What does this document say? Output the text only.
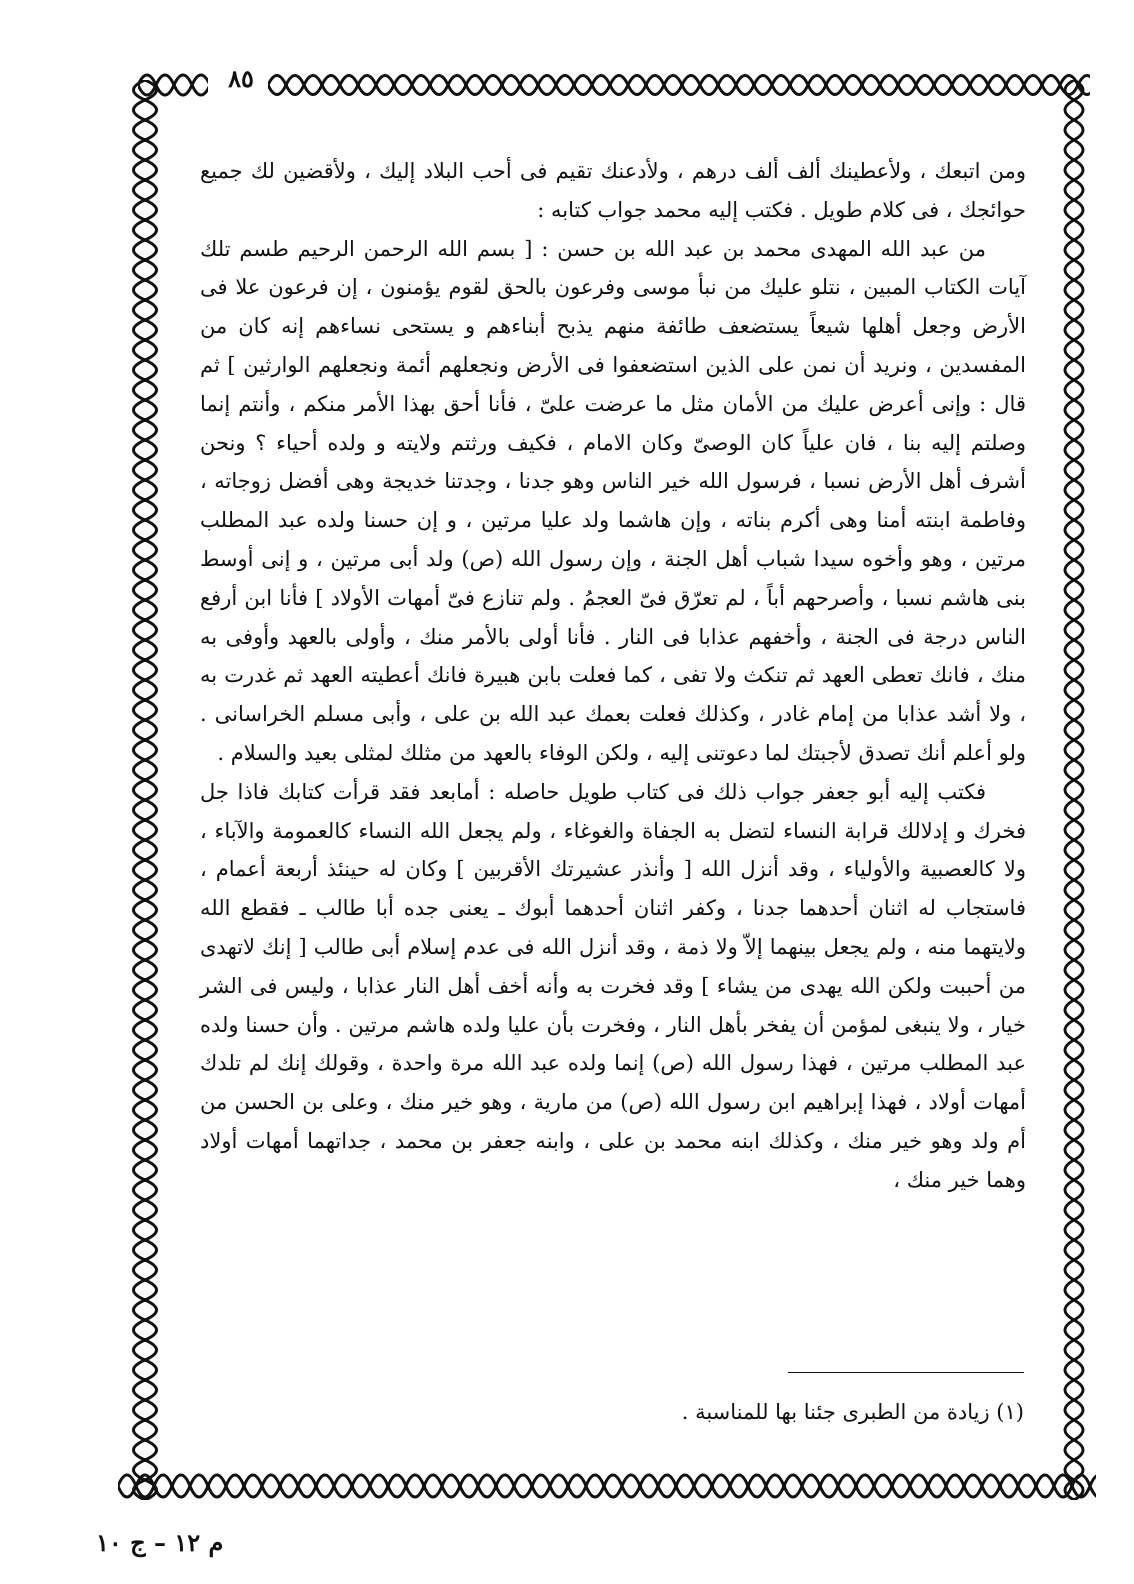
٨٥

ومن اتبعك ، ولأعطينك ألف ألف درهم ، ولأدعنك تقيم فى أحب البلاد إليك ، ولأقضين لك جميع حوائجك ، فى كلام طويل . فكتب إليه محمد جواب كتابه :

من عبد الله المهدى محمد بن عبد الله بن حسن : [ بسم الله الرحمن الرحيم طسم تلك آيات الكتاب المبين ، نتلو عليك من نبأ موسى وفرعون بالحق لقوم يؤمنون ، إن فرعون علا فى الأرض وجعل أهلها شيعاً يستضعف طائفة منهم يذبح أبناءهم و يستحى نساءهم إنه كان من المفسدين ، ونريد أن نمن على الذين استضعفوا فى الأرض ونجعلهم أئمة ونجعلهم الوارثين ] ثم قال : وإنى أعرض عليك من الأمان مثل ما عرضت علىّ ، فأنا أحق بهذا الأمر منكم ، وأنتم إنما وصلتم إليه بنا ، فان علياً كان الوصىّ وكان الامام ، فكيف ورثتم ولايته و ولده أحياء ؟ ونحن أشرف أهل الأرض نسبا ، فرسول الله خير الناس وهو جدنا ، وجدتنا خديجة وهى أفضل زوجاته ، وفاطمة ابنته أمنا وهى أكرم بناته ، وإن هاشما ولد عليا مرتين ، و إن حسنا ولده عبد المطلب مرتين ، وهو وأخوه سيدا شباب أهل الجنة ، وإن رسول الله (ص) ولد أبى مرتين ، و إنى أوسط بنى هاشم نسبا ، وأصرحهم أباً ، لم تعرّق فىّ العجمُ . ولم تنازع فىّ أمهات الأولاد ] فأنا ابن أرفع الناس درجة فى الجنة ، وأخفهم عذابا فى النار . فأنا أولى بالأمر منك ، وأولى بالعهد وأوفى به منك ، فانك تعطى العهد ثم تنكث ولا تفى ، كما فعلت بابن هبيرة فانك أعطيته العهد ثم غدرت به ، ولا أشد عذابا من إمام غادر ، وكذلك فعلت بعمك عبد الله بن على ، وأبى مسلم الخراسانى . ولو أعلم أنك تصدق لأجبتك لما دعوتنى إليه ، ولكن الوفاء بالعهد من مثلك لمثلى بعيد والسلام .

فكتب إليه أبو جعفر جواب ذلك فى كتاب طويل حاصله : أمابعد فقد قرأت كتابك فاذا جل فخرك و إدلالك قرابة النساء لتضل به الجفاة والغوغاء ، ولم يجعل الله النساء كالعمومة والآباء ، ولا كالعصبية والأولياء ، وقد أنزل الله [ وأنذر عشيرتك الأقربين ] وكان له حينئذ أربعة أعمام ، فاستجاب له اثنان أحدهما جدنا ، وكفر اثنان أحدهما أبوك ـ يعنى جده أبا طالب ـ فقطع الله ولايتهما منه ، ولم يجعل بينهما إلاّ ولا ذمة ، وقد أنزل الله فى عدم إسلام أبى طالب [ إنك لاتهدى من أحببت ولكن الله يهدى من يشاء ] وقد فخرت به وأنه أخف أهل النار عذابا ، وليس فى الشر خيار ، ولا ينبغى لمؤمن أن يفخر بأهل النار ، وفخرت بأن عليا ولده هاشم مرتين . وأن حسنا ولده عبد المطلب مرتين ، فهذا رسول الله (ص) إنما ولده عبد الله مرة واحدة ، وقولك إنك لم تلدك أمهات أولاد ، فهذا إبراهيم ابن رسول الله (ص) من مارية ، وهو خير منك ، وعلى بن الحسن من أم ولد وهو خير منك ، وكذلك ابنه محمد بن على ، وابنه جعفر بن محمد ، جداتهما أمهات أولاد وهما خير منك ،

(١) زيادة من الطبرى جئنا بها للمناسبة .
م ١٢ – ج ١٠
